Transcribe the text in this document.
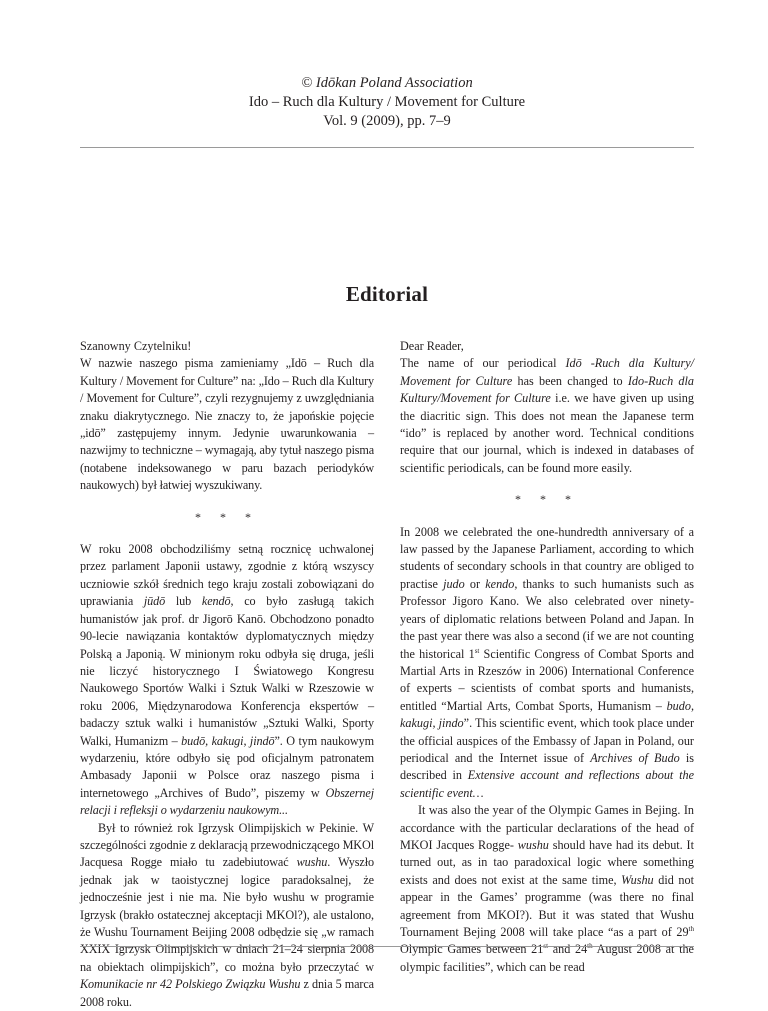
© Idōkan Poland Association
Ido – Ruch dla Kultury / Movement for Culture
Vol. 9 (2009), pp. 7–9
Editorial

Szanowny Czytelniku!

W nazwie naszego pisma zamieniamy „Idō – Ruch dla Kultury / Movement for Culture” na: „Ido – Ruch dla Kultury / Movement for Culture”, czyli rezygnujemy z uwzględniania znaku diakrytycznego. Nie znaczy to, że japońskie pojęcie „idō” zastępujemy innym. Jedynie uwarunkowania – nazwijmy to techniczne – wymagają, aby tytuł naszego pisma (notabene indeksowanego w paru bazach periodyków naukowych) był łatwiej wyszukiwany.

* * *

W roku 2008 obchodziliśmy setną rocznicę uchwalonej przez parlament Japonii ustawy, zgodnie z którą wszyscy uczniowie szkół średnich tego kraju zostali zobowiązani do uprawiania jūdō lub kendō, co było zasługą takich humanistów jak prof. dr Jigorō Kanō. Obchodzono ponadto 90-lecie nawiązania kontaktów dyplomatycznych między Polską a Japonią. W minionym roku odbyła się druga, jeśli nie liczyć historycznego I Światowego Kongresu Naukowego Sportów Walki i Sztuk Walki w Rzeszowie w roku 2006, Międzynarodowa Konferencja ekspertów – badaczy sztuk walki i humanistów „Sztuki Walki, Sporty Walki, Humanizm – budō, kakugi, jindō”. O tym naukowym wydarzeniu, które odbyło się pod oficjalnym patronatem Ambasady Japonii w Polsce oraz naszego pisma i internetowego „Archives of Budo”, piszemy w Obszernej relacji i refleksji o wydarzeniu naukowym...

Był to również rok Igrzysk Olimpijskich w Pekinie. W szczególności zgodnie z deklaracją przewodniczącego MKOl Jacquesa Rogge miało tu zadebiutować wushu. Wyszło jednak jak w taoistycznej logice paradoksalnej, że jednocześnie jest i nie ma. Nie było wushu w programie Igrzysk (brakło ostatecznej akceptacji MKOl?), ale ustalono, że Wushu Tournament Beijing 2008 odbędzie się „w ramach XXIX Igrzysk Olimpijskich w dniach 21–24 sierpnia 2008 na obiektach olimpijskich”, co można było przeczytać w Komunikacie nr 42 Polskiego Związku Wushu z dnia 5 marca 2008 roku.

Dear Reader,

The name of our periodical Idō -Ruch dla Kultury/ Movement for Culture has been changed to Ido-Ruch dla Kultury/Movement for Culture i.e. we have given up using the diacritic sign. This does not mean the Japanese term “ido” is replaced by another word. Technical conditions require that our journal, which is indexed in databases of scientific periodicals, can be found more easily.

* * *

In 2008 we celebrated the one-hundredth anniversary of a law passed by the Japanese Parliament, according to which students of secondary schools in that country are obliged to practise judo or kendo, thanks to such humanists such as Professor Jigoro Kano. We also celebrated over ninety-years of diplomatic relations between Poland and Japan. In the past year there was also a second (if we are not counting the historical 1st Scientific Congress of Combat Sports and Martial Arts in Rzeszów in 2006) International Conference of experts – scientists of combat sports and humanists, entitled “Martial Arts, Combat Sports, Humanism – budo, kakugi, jindo”. This scientific event, which took place under the official auspices of the Embassy of Japan in Poland, our periodical and the Internet issue of Archives of Budo is described in Extensive account and reflections about the scientific event…

It was also the year of the Olympic Games in Bejing. In accordance with the particular declarations of the head of MKOI Jacques Rogge- wushu should have had its debut. It turned out, as in tao paradoxical logic where something exists and does not exist at the same time, Wushu did not appear in the Games’ programme (was there no final agreement from MKOI?). But it was stated that Wushu Tournament Bejing 2008 will take place “as a part of 29th Olympic Games between 21st and 24th August 2008 at the olympic facilities”, which can be read
